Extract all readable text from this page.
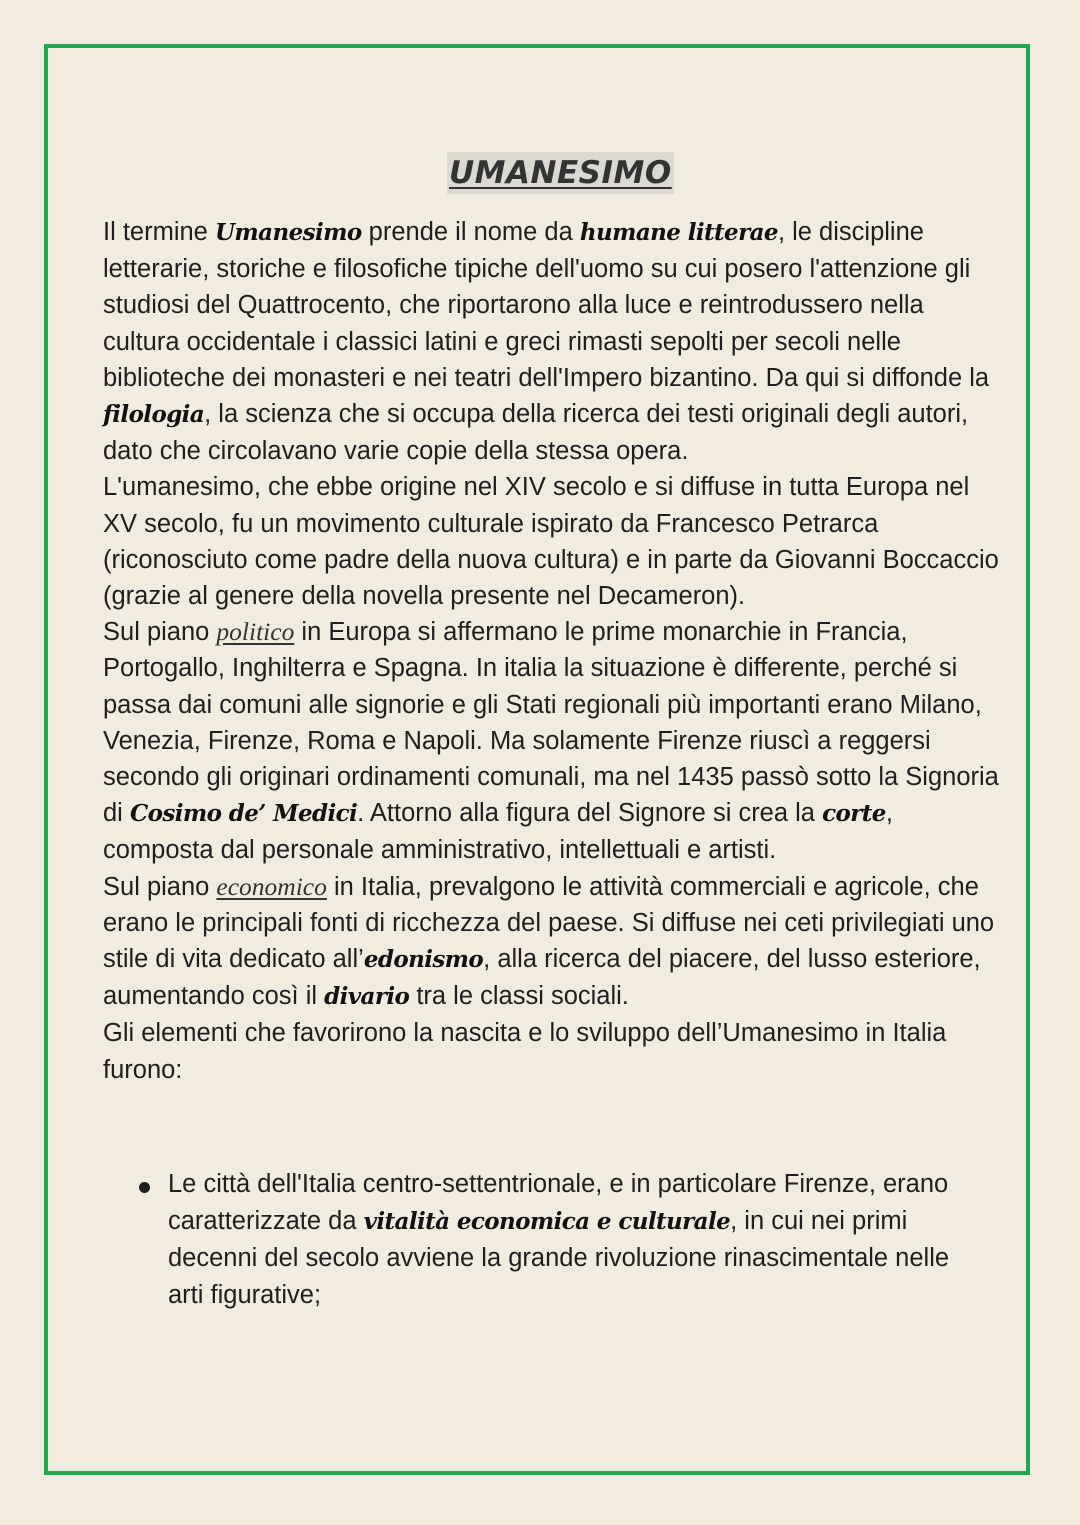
UMANESIMO

Il termine Umanesimo prende il nome da humane litterae, le discipline letterarie, storiche e filosofiche tipiche dell'uomo su cui posero l'attenzione gli studiosi del Quattrocento, che riportarono alla luce e reintrodussero nella cultura occidentale i classici latini e greci rimasti sepolti per secoli nelle biblioteche dei monasteri e nei teatri dell'Impero bizantino. Da qui si diffonde la filologia, la scienza che si occupa della ricerca dei testi originali degli autori, dato che circolavano varie copie della stessa opera.

L'umanesimo, che ebbe origine nel XIV secolo e si diffuse in tutta Europa nel XV secolo, fu un movimento culturale ispirato da Francesco Petrarca (riconosciuto come padre della nuova cultura) e in parte da Giovanni Boccaccio (grazie al genere della novella presente nel Decameron).

Sul piano politico in Europa si affermano le prime monarchie in Francia, Portogallo, Inghilterra e Spagna. In italia la situazione è differente, perché si passa dai comuni alle signorie e gli Stati regionali più importanti erano Milano, Venezia, Firenze, Roma e Napoli. Ma solamente Firenze riuscì a reggersi secondo gli originari ordinamenti comunali, ma nel 1435 passò sotto la Signoria di Cosimo de’ Medici. Attorno alla figura del Signore si crea la corte, composta dal personale amministrativo, intellettuali e artisti.

Sul piano economico in Italia, prevalgono le attività commerciali e agricole, che erano le principali fonti di ricchezza del paese. Si diffuse nei ceti privilegiati uno stile di vita dedicato all’edonismo, alla ricerca del piacere, del lusso esteriore, aumentando così il divario tra le classi sociali.

Gli elementi che favorirono la nascita e lo sviluppo dell’Umanesimo in Italia furono:

Le città dell'Italia centro-settentrionale, e in particolare Firenze, erano caratterizzate da vitalità economica e culturale, in cui nei primi decenni del secolo avviene la grande rivoluzione rinascimentale nelle arti figurative;
